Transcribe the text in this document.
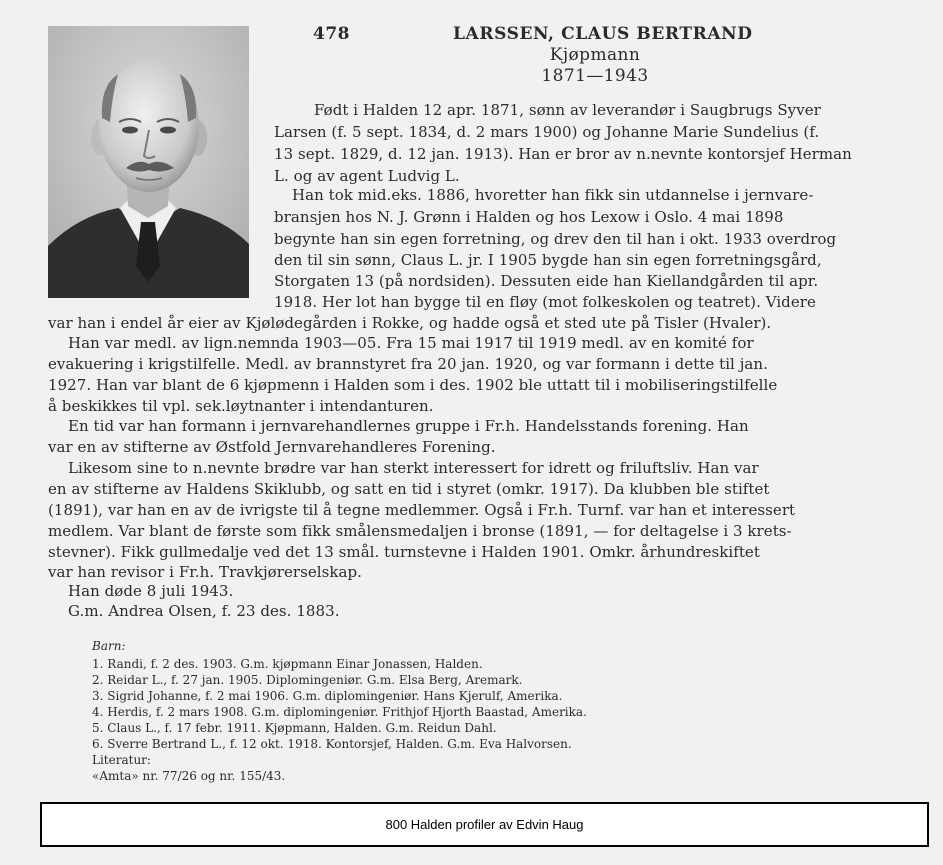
478	LARSSEN, CLAUS BERTRAND
Kjøpmann
1871—1943
Født i Halden 12 apr. 1871, sønn av leverandør i Saugbrugs Syver
Larsen (f. 5 sept. 1834, d. 2 mars 1900) og Johanne Marie Sundelius (f.
13 sept. 1829, d. 12 jan. 1913). Han er bror av n.nevnte kontorsjef Herman
L. og av agent Ludvig L.
Han tok mid.eks. 1886, hvoretter han fikk sin utdannelse i jernvare-
bransjen hos N. J. Grønn i Halden og hos Lexow i Oslo. 4 mai 1898
begynte han sin egen forretning, og drev den til han i okt. 1933 overdrog
den til sin sønn, Claus L. jr. I 1905 bygde han sin egen forretningsgård,
Storgaten 13 (på nordsiden). Dessuten eide han Kiellandgården til apr.
1918. Her lot han bygge til en fløy (mot folkeskolen og teatret). Videre
var han i endel år eier av Kjølødegården i Rokke, og hadde også et sted ute på Tisler (Hvaler).
Han var medl. av lign.nemnda 1903—05. Fra 15 mai 1917 til 1919 medl. av en komité for
evakuering i krigstilfelle. Medl. av brannstyret fra 20 jan. 1920, og var formann i dette til jan.
1927. Han var blant de 6 kjøpmenn i Halden som i des. 1902 ble uttatt til i mobiliseringstilfelle
å beskikkes til vpl. sek.løytnanter i intendanturen.
En tid var han formann i jernvarehandlernes gruppe i Fr.h. Handelsstands forening. Han
var en av stifterne av Østfold Jernvarehandleres Forening.
Likesom sine to n.nevnte brødre var han sterkt interessert for idrett og friluftsliv. Han var
en av stifterne av Haldens Skiklubb, og satt en tid i styret (omkr. 1917). Da klubben ble stiftet
(1891), var han en av de ivrigste til å tegne medlemmer. Også i Fr.h. Turnf. var han et interessert
medlem. Var blant de første som fikk smålensmedaljen i bronse (1891, — for deltagelse i 3 krets-
stevner). Fikk gullmedalje ved det 13 smål. turnstevne i Halden 1901. Omkr. århundreskiftet
var han revisor i Fr.h. Travkjørerselskap.
Han døde 8 juli 1943.
G.m. Andrea Olsen, f. 23 des. 1883.
Barn:
1. Randi, f. 2 des. 1903. G.m. kjøpmann Einar Jonassen, Halden.
2. Reidar L., f. 27 jan. 1905. Diplomingeniør. G.m. Elsa Berg, Aremark.
3. Sigrid Johanne, f. 2 mai 1906. G.m. diplomingeniør. Hans Kjerulf, Amerika.
4. Herdis, f. 2 mars 1908. G.m. diplomingeniør. Frithjof Hjorth Baastad, Amerika.
5. Claus L., f. 17 febr. 1911. Kjøpmann, Halden. G.m. Reidun Dahl.
6. Sverre Bertrand L., f. 12 okt. 1918. Kontorsjef, Halden. G.m. Eva Halvorsen.
Literatur:
«Amta» nr. 77/26 og nr. 155/43.
800 Halden profiler av Edvin Haug
